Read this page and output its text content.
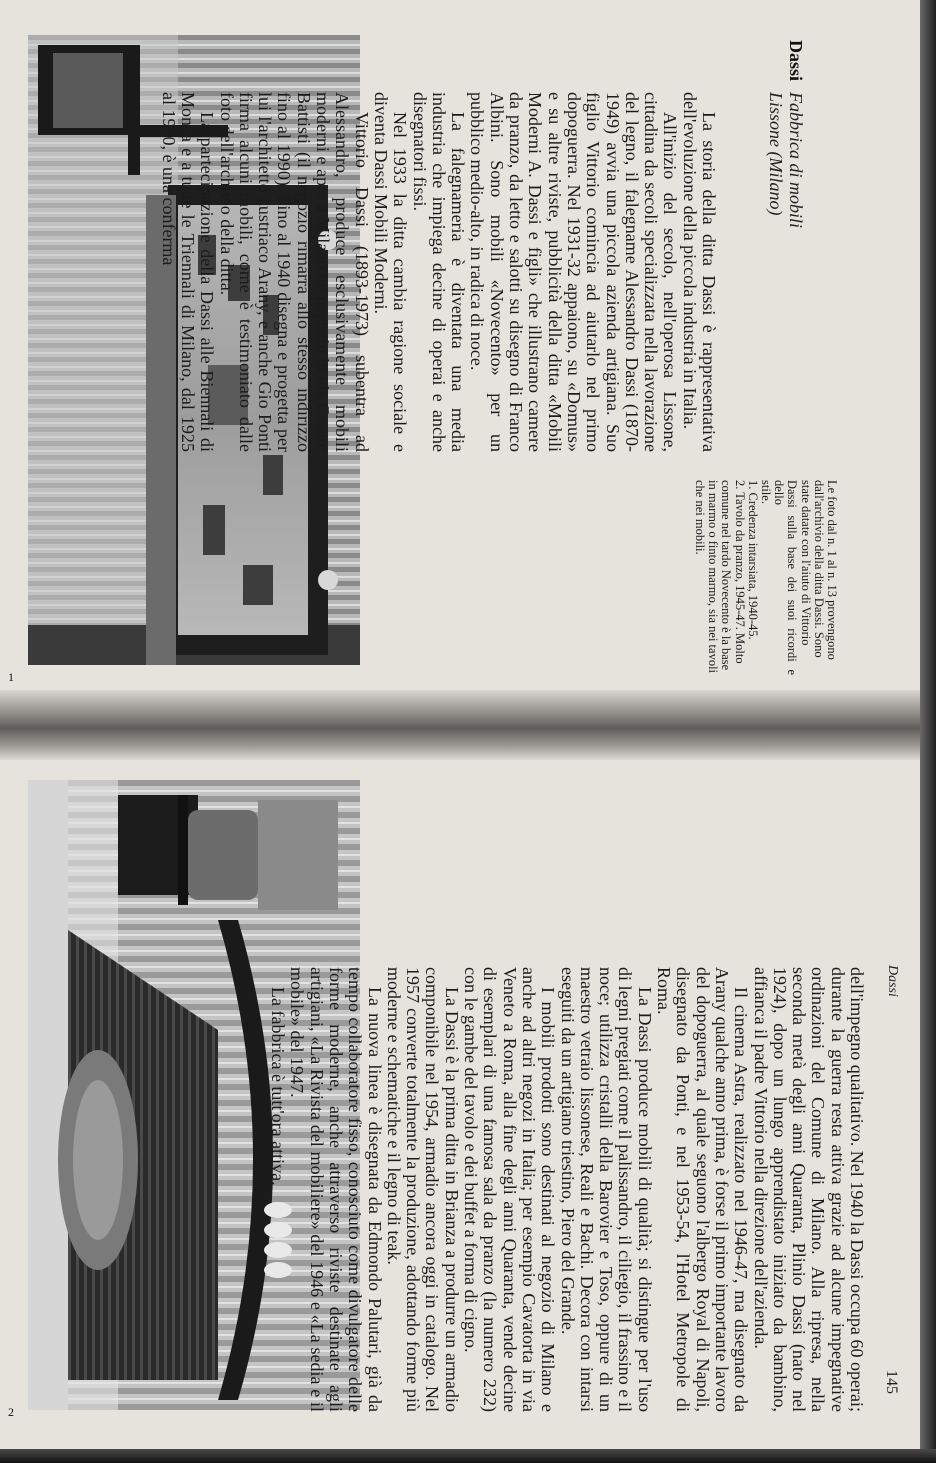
1
Dassi
Fabbrica di mobili
Lissone (Milano)

La storia della ditta Dassi è rappresentativa dell'evoluzione della piccola industria in Italia.

All'inizio del secolo, nell'operosa Lissone, cittadina da secoli specializzata nella lavorazione del legno, il falegname Alessandro Dassi (1870-1949) avvia una piccola azienda artigiana. Suo figlio Vittorio comincia ad aiutarlo nel primo dopoguerra. Nel 1931-32 appaiono, su «Domus» e su altre riviste, pubblicità della ditta «Mobili Moderni A. Dassi e figli» che illustrano camere da pranzo, da letto e salotti su disegno di Franco Albini. Sono mobili «Novecento» per un pubblico medio-alto, in radica di noce.

La falegnameria è diventata una media industria che impiega decine di operai e anche disegnatori fissi.

Nel 1933 la ditta cambia ragione sociale e diventa Dassi Mobili Moderni.

Vittorio Dassi (1893-1973) subentra ad Alessandro, produce esclusivamente mobili moderni e apre a Milano un negozio in via Cesare Battisti (il negozio rimarrà allo stesso indirizzo fino al 1990). Fino al 1940 disegna e progetta per lui l'architetto austriaco Arany, e anche Gio Ponti firma alcuni mobili, come è testimoniato dalle foto dell'archivio della ditta.

La partecipazione della Dassi alle Biennali di Monza e a tutte le Triennali di Milano, dal 1925 al 1940, è una conferma

Le foto dal n. 1 al n. 13 provengono
dall'archivio della ditta Dassi. Sono
state datate con l'aiuto di Vittorio
Dassi sulla base dei suoi ricordi e dello
stile.
1. Credenza intarsiata, 1940-45.
2. Tavolo da pranzo, 1945-47. Molto
comune nel tardo Novecento è la base
in marmo o finto marmo, sia nei tavoli
che nei mobili.
2
Dassi
145

dell'impegno qualitativo. Nel 1940 la Dassi occupa 60 operai; durante la guerra resta attiva grazie ad alcune impegnative ordinazioni del Comune di Milano. Alla ripresa, nella seconda metà degli anni Quaranta, Plinio Dassi (nato nel 1924), dopo un lungo apprendistato iniziato da bambino, affianca il padre Vittorio nella direzione dell'azienda.

Il cinema Astra, realizzato nel 1946-47, ma disegnato da Arany qualche anno prima, è forse il primo importante lavoro del dopoguerra, al quale seguono l'albergo Royal di Napoli, disegnato da Ponti, e nel 1953-54, l'Hotel Metropole di Roma.

La Dassi produce mobili di qualità; si distingue per l'uso di legni pregiati come il palissandro, il ciliegio, il frassino e il noce; utilizza cristalli della Barovier e Toso, oppure di un maestro vetraio lissonese, Reali e Bachi. Decora con intarsi eseguiti da un artigiano triestino, Piero del Grande.

I mobili prodotti sono destinati al negozio di Milano e anche ad altri negozi in Italia; per esempio Cavatorta in via Veneto a Roma, alla fine degli anni Quaranta, vende decine di esemplari di una famosa sala da pranzo (la numero 232) con le gambe del tavolo e dei buffet a forma di cigno.

La Dassi è la prima ditta in Brianza a produrre un armadio componibile nel 1954, armadio ancora oggi in catalogo. Nel 1957 converte totalmente la produzione, adottando forme più moderne e schematiche e il legno di teak.

La nuova linea è disegnata da Edmondo Palutari, già da tempo collaboratore fisso, conosciuto come divulgatore delle forme moderne, anche attraverso riviste destinate agli artigiani, «La Rivista del mobiliere» del 1946 e «La sedia e il mobile» del 1947.

La fabbrica è tutt'ora attiva.
